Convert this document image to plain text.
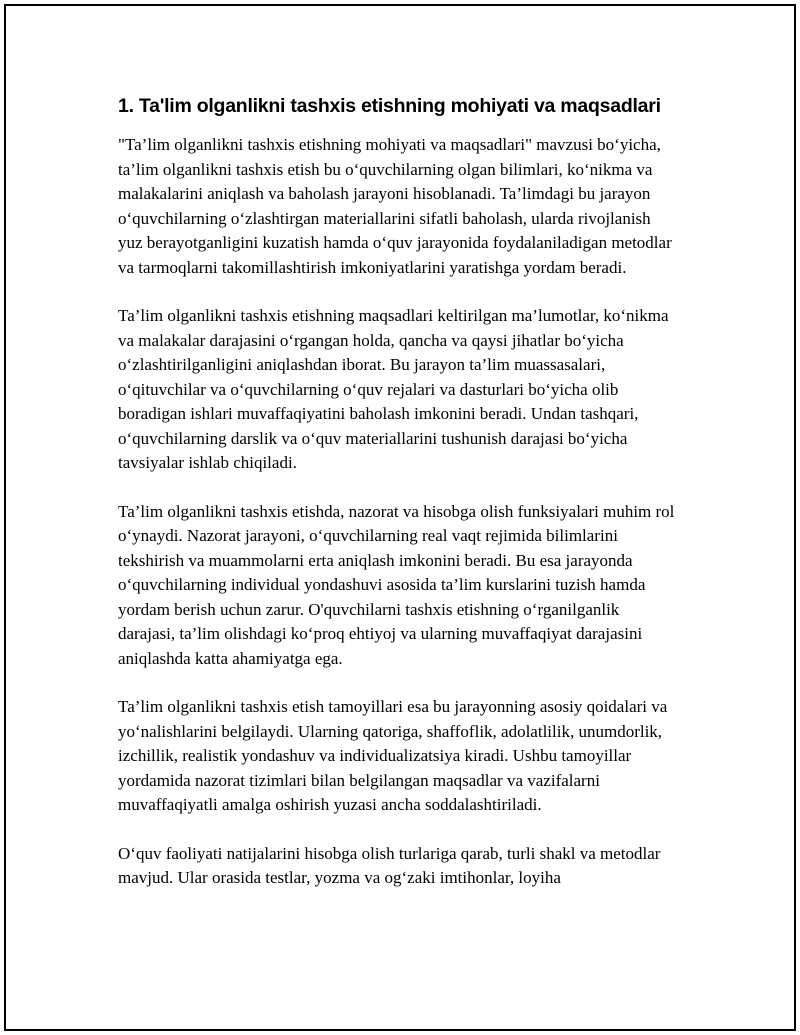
1. Ta'lim olganlikni tashxis etishning mohiyati va maqsadlari

"Ta’lim olganlikni tashxis etishning mohiyati va maqsadlari" mavzusi bo‘yicha, ta’lim olganlikni tashxis etish bu o‘quvchilarning olgan bilimlari, ko‘nikma va malakalarini aniqlash va baholash jarayoni hisoblanadi. Ta’limdagi bu jarayon o‘quvchilarning o‘zlashtirgan materiallarini sifatli baholash, ularda rivojlanish yuz berayotganligini kuzatish hamda o‘quv jarayonida foydalaniladigan metodlar va tarmoqlarni takomillashtirish imkoniyatlarini yaratishga yordam beradi.

Ta’lim olganlikni tashxis etishning maqsadlari keltirilgan ma’lumotlar, ko‘nikma va malakalar darajasini o‘rgangan holda, qancha va qaysi jihatlar bo‘yicha o‘zlashtirilganligini aniqlashdan iborat. Bu jarayon ta’lim muassasalari, o‘qituvchilar va o‘quvchilarning o‘quv rejalari va dasturlari bo‘yicha olib boradigan ishlari muvaffaqiyatini baholash imkonini beradi. Undan tashqari, o‘quvchilarning darslik va o‘quv materiallarini tushunish darajasi bo‘yicha tavsiyalar ishlab chiqiladi.

Ta’lim olganlikni tashxis etishda, nazorat va hisobga olish funksiyalari muhim rol o‘ynaydi. Nazorat jarayoni, o‘quvchilarning real vaqt rejimida bilimlarini tekshirish va muammolarni erta aniqlash imkonini beradi. Bu esa jarayonda o‘quvchilarning individual yondashuvi asosida ta’lim kurslarini tuzish hamda yordam berish uchun zarur. O'quvchilarni tashxis etishning o‘rganilganlik darajasi, ta’lim olishdagi ko‘proq ehtiyoj va ularning muvaffaqiyat darajasini aniqlashda katta ahamiyatga ega.

Ta’lim olganlikni tashxis etish tamoyillari esa bu jarayonning asosiy qoidalari va yo‘nalishlarini belgilaydi. Ularning qatoriga, shaffoflik, adolatlilik, unumdorlik, izchillik, realistik yondashuv va individualizatsiya kiradi. Ushbu tamoyillar yordamida nazorat tizimlari bilan belgilangan maqsadlar va vazifalarni muvaffaqiyatli amalga oshirish yuzasi ancha soddalashtiriladi.

O‘quv faoliyati natijalarini hisobga olish turlariga qarab, turli shakl va metodlar mavjud. Ular orasida testlar, yozma va og‘zaki imtihonlar, loyiha
